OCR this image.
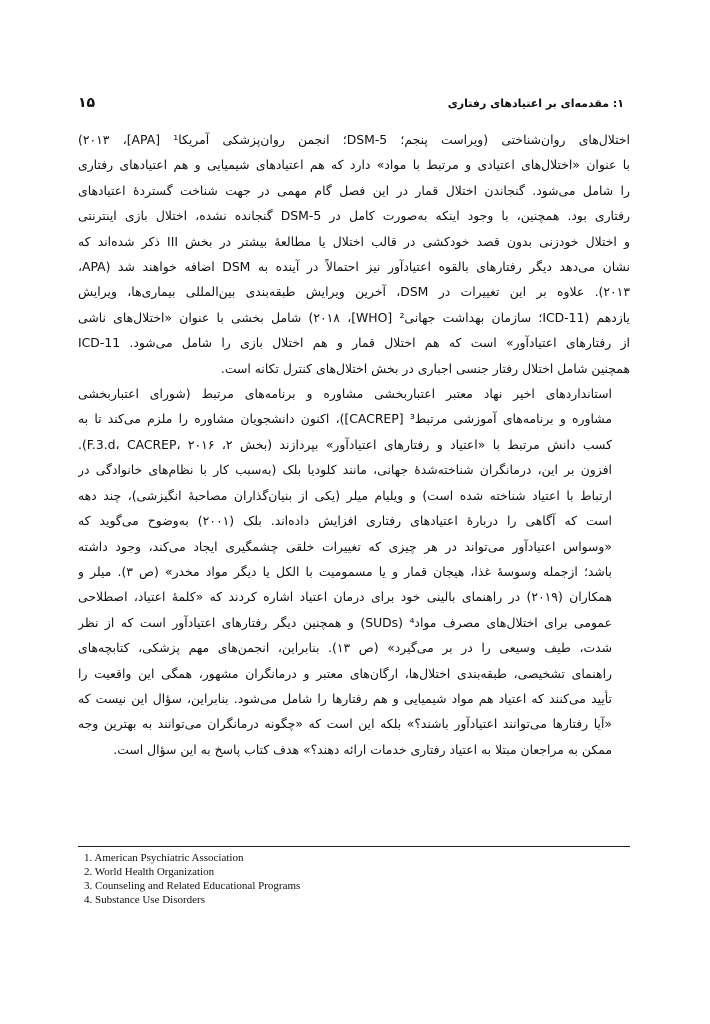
۱: مقدمه‌ای بر اعتیادهای رفتاری
۱۵

اختلال‌های روان‌شناختی (ویراست پنجم؛ DSM-5؛ انجمن روان‌پزشکی آمریکا¹ [APA]، ۲۰۱۳)
با عنوان «اختلال‌های اعتیادی و مرتبط با مواد» دارد که هم اعتیادهای شیمیایی و هم اعتیادهای رفتاری
را شامل می‌شود. گنجاندن اختلال قمار در این فصل گام مهمی در جهت شناخت گستردهٔ اعتیادهای
رفتاری بود. همچنین، با وجود اینکه به‌صورت کامل در DSM-5 گنجانده نشده، اختلال بازی اینترنتی
و اختلال خودزنی بدون قصد خودکشی در قالب اختلال یا مطالعهٔ بیشتر در بخش III ذکر شده‌اند که
نشان می‌دهد دیگر رفتارهای بالقوه اعتیادآور نیز احتمالاً در آینده به DSM اضافه خواهند شد (APA،
۲۰۱۳). علاوه بر این تغییرات در DSM، آخرین ویرایش طبقه‌بندی بین‌المللی بیماری‌ها، ویرایش
یازدهم (ICD-11؛ سازمان بهداشت جهانی² [WHO]، ۲۰۱۸) شامل بخشی با عنوان «اختلال‌های ناشی
از رفتارهای اعتیادآور» است که هم اختلال قمار و هم اختلال بازی را شامل می‌شود. ICD-11
همچنین شامل اختلال رفتار جنسی اجباری در بخش اختلال‌های کنترل تکانه است.

استانداردهای اخیر نهاد معتبر اعتباربخشی مشاوره و برنامه‌های مرتبط (شورای اعتباربخشی
مشاوره و برنامه‌های آموزشی مرتبط³ [CACREP])، اکنون دانشجویان مشاوره را ملزم می‌کند تا به
کسب دانش مرتبط با «اعتیاد و رفتارهای اعتیادآور» بپردازند (بخش ۲، F.3.d، CACREP، ۲۰۱۶).
افزون بر این، درمانگران شناخته‌شدهٔ جهانی، مانند کلودیا بلک (به‌سبب کار با نظام‌های خانوادگی در
ارتباط با اعتیاد شناخته شده است) و ویلیام میلر (یکی از بنیان‌گذاران مصاحبهٔ انگیزشی)، چند دهه
است که آگاهی را دربارهٔ اعتیادهای رفتاری افزایش داده‌اند. بلک (۲۰۰۱) به‌وضوح می‌گوید که
«وسواس اعتیادآور می‌تواند در هر چیزی که تغییرات خلقی چشمگیری ایجاد می‌کند، وجود داشته
باشد؛ ازجمله وسوسهٔ غذا، هیجان قمار و یا مسمومیت با الکل یا دیگر مواد مخدر» (ص ۳). میلر و
همکاران (۲۰۱۹) در راهنمای بالینی خود برای درمان اعتیاد اشاره کردند که «کلمهٔ اعتیاد، اصطلاحی
عمومی برای اختلال‌های مصرف مواد⁴ (SUDs) و همچنین دیگر رفتارهای اعتیادآور است که از نظر
شدت، طیف وسیعی را در بر می‌گیرد» (ص ۱۳). بنابراین، انجمن‌های مهم پزشکی، کتابچه‌های
راهنمای تشخیصی، طبقه‌بندی اختلال‌ها، ارگان‌های معتبر و درمانگران مشهور، همگی این واقعیت را
تأیید می‌کنند که اعتیاد هم مواد شیمیایی و هم رفتارها را شامل می‌شود. بنابراین، سؤال این نیست که
«آیا رفتارها می‌توانند اعتیادآور باشند؟» بلکه این است که «چگونه درمانگران می‌توانند به بهترین وجه
ممکن به مراجعان مبتلا به اعتیاد رفتاری خدمات ارائه دهند؟» هدف کتاب پاسخ به این سؤال است.

1. American Psychiatric Association
2. World Health Organization
3. Counseling and Related Educational Programs
4. Substance Use Disorders
